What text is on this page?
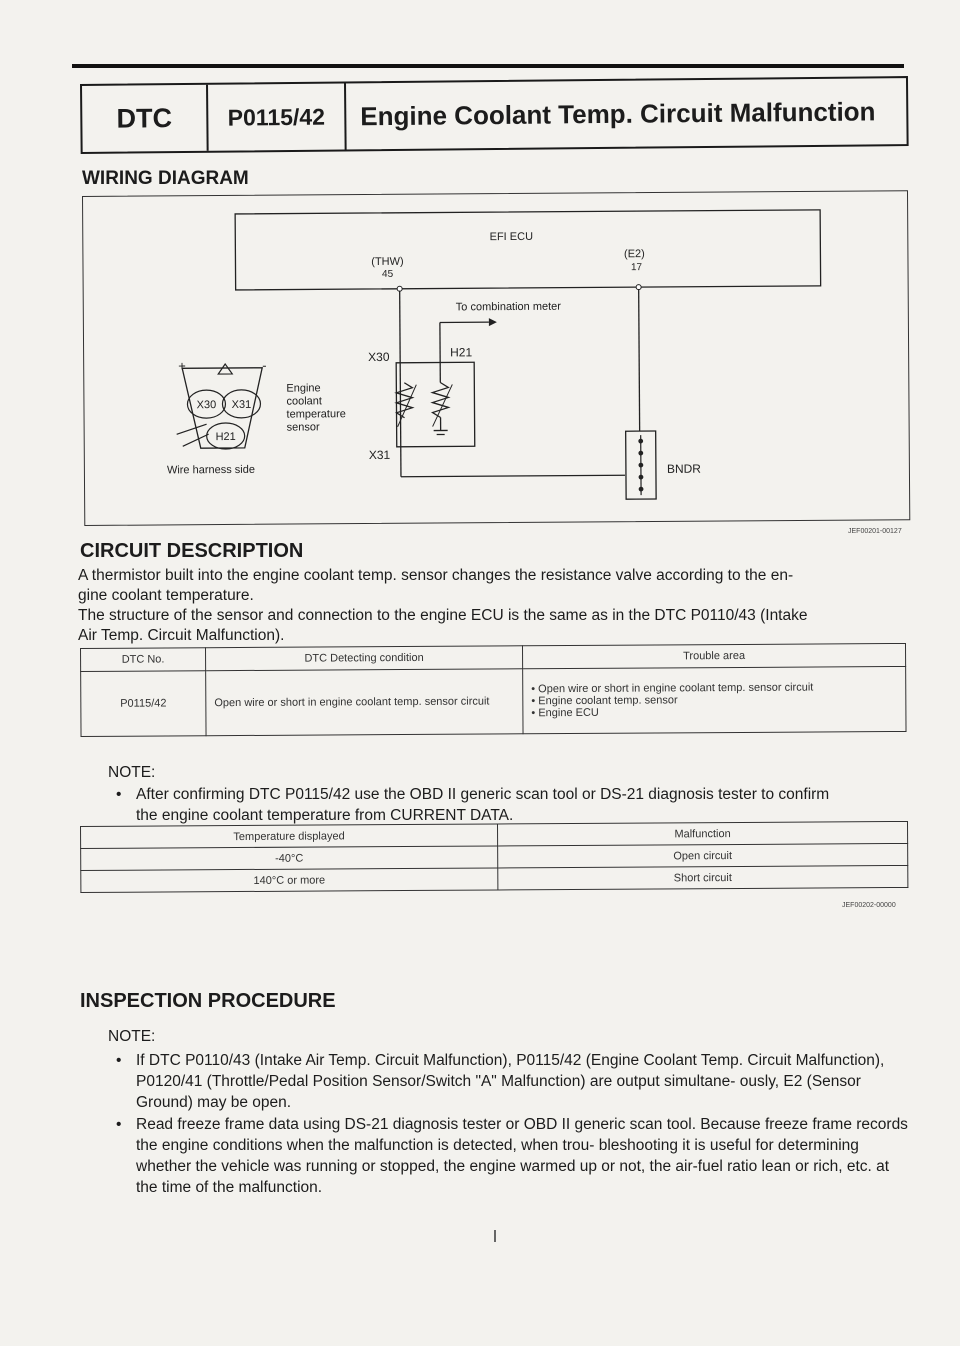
DTC	P0115/42	Engine Coolant Temp. Circuit Malfunction
WIRING DIAGRAM
EFI ECU
(THW)
45
(E2)
17
To combination meter
X30	H21
X31
BNDR
+	-
X30 X31
H21
Engine
coolant
temperature
sensor
Wire harness side
JEF00201-00127
CIRCUIT DESCRIPTION

A thermistor built into the engine coolant temp. sensor changes the resistance valve according to the en-

gine coolant temperature.

The structure of the sensor and connection to the engine ECU is the same as in the DTC P0110/43 (Intake

Air Temp. Circuit Malfunction).

DTC No.	DTC Detecting condition	Trouble area
P0115/42	Open wire or short in engine coolant temp. sensor circuit	• Open wire or short in engine coolant temp. sensor circuit
• Engine coolant temp. sensor
• Engine ECU
NOTE:
• After confirming DTC P0115/42 use the OBD II generic scan tool or DS-21 diagnosis tester to confirm
the engine coolant temperature from CURRENT DATA.
Temperature displayed	Malfunction
-40°C	Open circuit
140°C or more	Short circuit
JEF00202-00000
INSPECTION PROCEDURE
NOTE:
• If DTC P0110/43 (Intake Air Temp. Circuit Malfunction), P0115/42 (Engine Coolant Temp. Circuit Malfunction), P0120/41 (Throttle/Pedal Position Sensor/Switch "A" Malfunction) are output simultane- ously, E2 (Sensor Ground) may be open.
• Read freeze frame data using DS-21 diagnosis tester or OBD II generic scan tool. Because freeze frame records the engine conditions when the malfunction is detected, when trou- bleshooting it is useful for determining whether the vehicle was running or stopped, the engine warmed up or not, the air-fuel ratio lean or rich, etc. at the time of the malfunction.
